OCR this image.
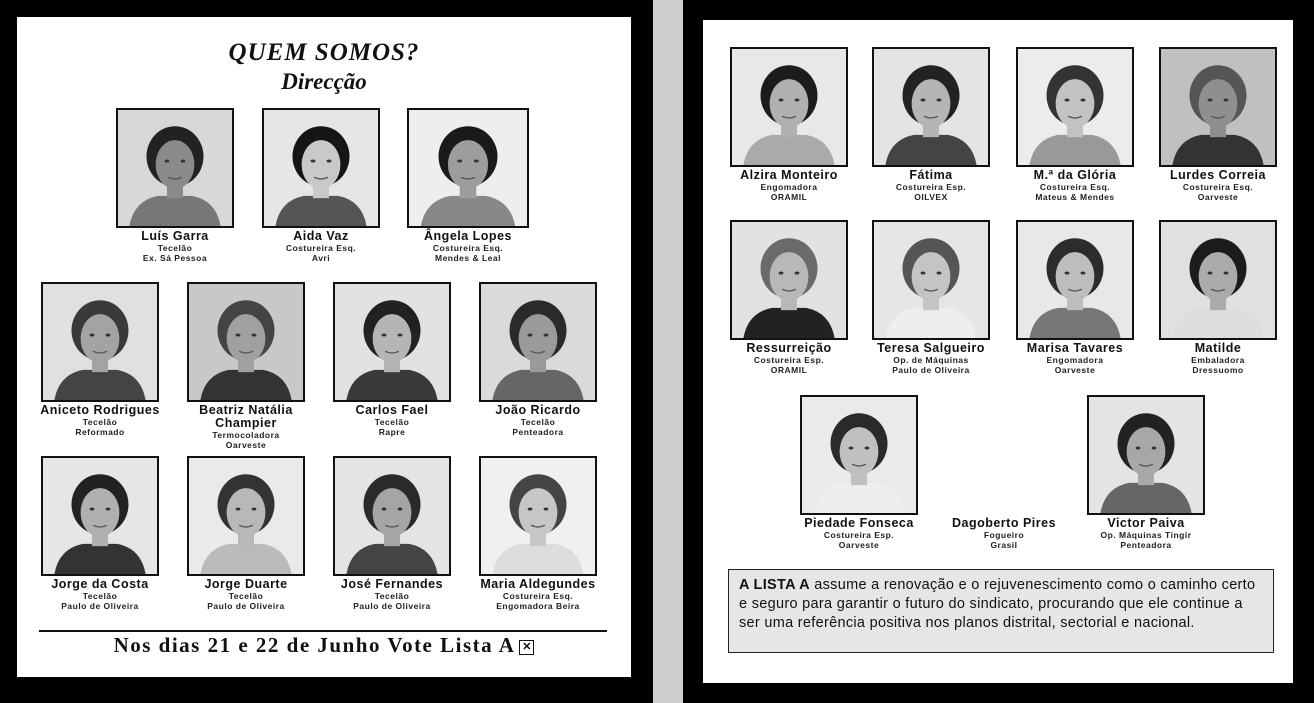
QUEM SOMOS?
Direcção
Luís Garra
Tecelão
Ex. Sá Pessoa
Aida Vaz
Costureira Esq.
Avri
Ângela Lopes
Costureira Esq.
Mendes & Leal
Aniceto Rodrigues
Tecelão
Reformado
Beatriz Natália Champier
Termocoladora
Oarveste
Carlos Fael
Tecelão
Rapre
João Ricardo
Tecelão
Penteadora
Jorge da Costa
Tecelão
Paulo de Oliveira
Jorge Duarte
Tecelão
Paulo de Oliveira
José Fernandes
Tecelão
Paulo de Oliveira
Maria Aldegundes
Costureira Esq.
Engomadora Beira
Nos dias 21 e 22 de Junho Vote Lista A ✕
Alzira Monteiro
Engomadora
ORAMIL
Fátima
Costureira Esp.
OILVEX
M.ª da Glória
Costureira Esq.
Mateus & Mendes
Lurdes Correia
Costureira Esq.
Oarveste
Ressurreição
Costureira Esp.
ORAMIL
Teresa Salgueiro
Op. de Máquinas
Paulo de Oliveira
Marisa Tavares
Engomadora
Oarveste
Matilde
Embaladora
Dressuomo
Piedade Fonseca
Costureira Esp.
Oarveste
Dagoberto Pires
Fogueiro
Grasil
Victor Paiva
Op. Máquinas Tingir
Penteadora
A LISTA A assume a renovação e o rejuvenescimento como o caminho certo e seguro para garantir o futuro do sindicato, procurando que ele continue a ser uma referência positiva nos planos distrital, sectorial e nacional.
